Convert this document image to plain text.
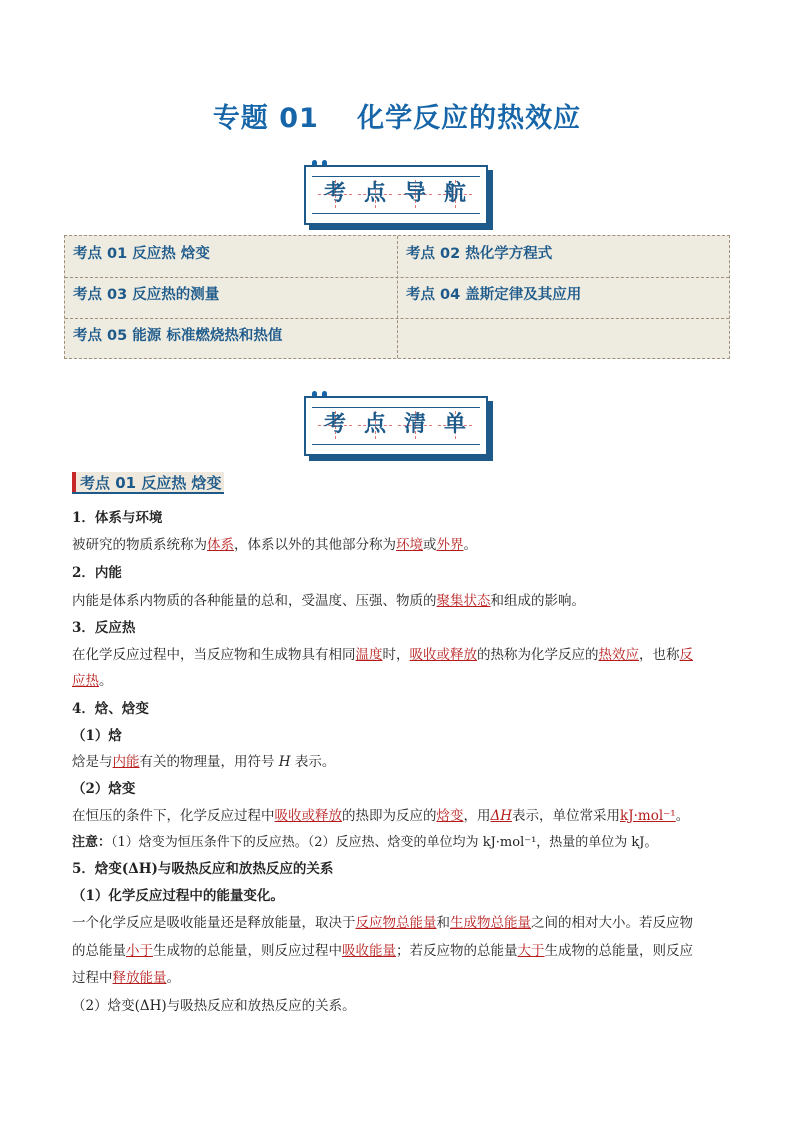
专题 01　 化学反应的热效应
考 点 导 航
考点 01 反应热 焓变	考点 02 热化学方程式
考点 03 反应热的测量	考点 04 盖斯定律及其应用
考点 05 能源 标准燃烧热和热值
考 点 清 单
考点 01 反应热 焓变
1．体系与环境
被研究的物质系统称为体系，体系以外的其他部分称为环境或外界。
2．内能
内能是体系内物质的各种能量的总和，受温度、压强、物质的聚集状态和组成的影响。
3．反应热
在化学反应过程中，当反应物和生成物具有相同温度时，吸收或释放的热称为化学反应的热效应，也称反
应热。
4．焓、焓变
（1）焓
焓是与内能有关的物理量，用符号 H 表示。
（2）焓变
在恒压的条件下，化学反应过程中吸收或释放的热即为反应的焓变，用ΔH表示，单位常采用kJ·mol⁻¹。
注意：（1）焓变为恒压条件下的反应热。（2）反应热、焓变的单位均为 kJ·mol⁻¹，热量的单位为 kJ。
5．焓变(ΔH)与吸热反应和放热反应的关系
（1）化学反应过程中的能量变化。
一个化学反应是吸收能量还是释放能量，取决于反应物总能量和生成物总能量之间的相对大小。若反应物
的总能量小于生成物的总能量，则反应过程中吸收能量；若反应物的总能量大于生成物的总能量，则反应
过程中释放能量。
（2）焓变(ΔH)与吸热反应和放热反应的关系。
